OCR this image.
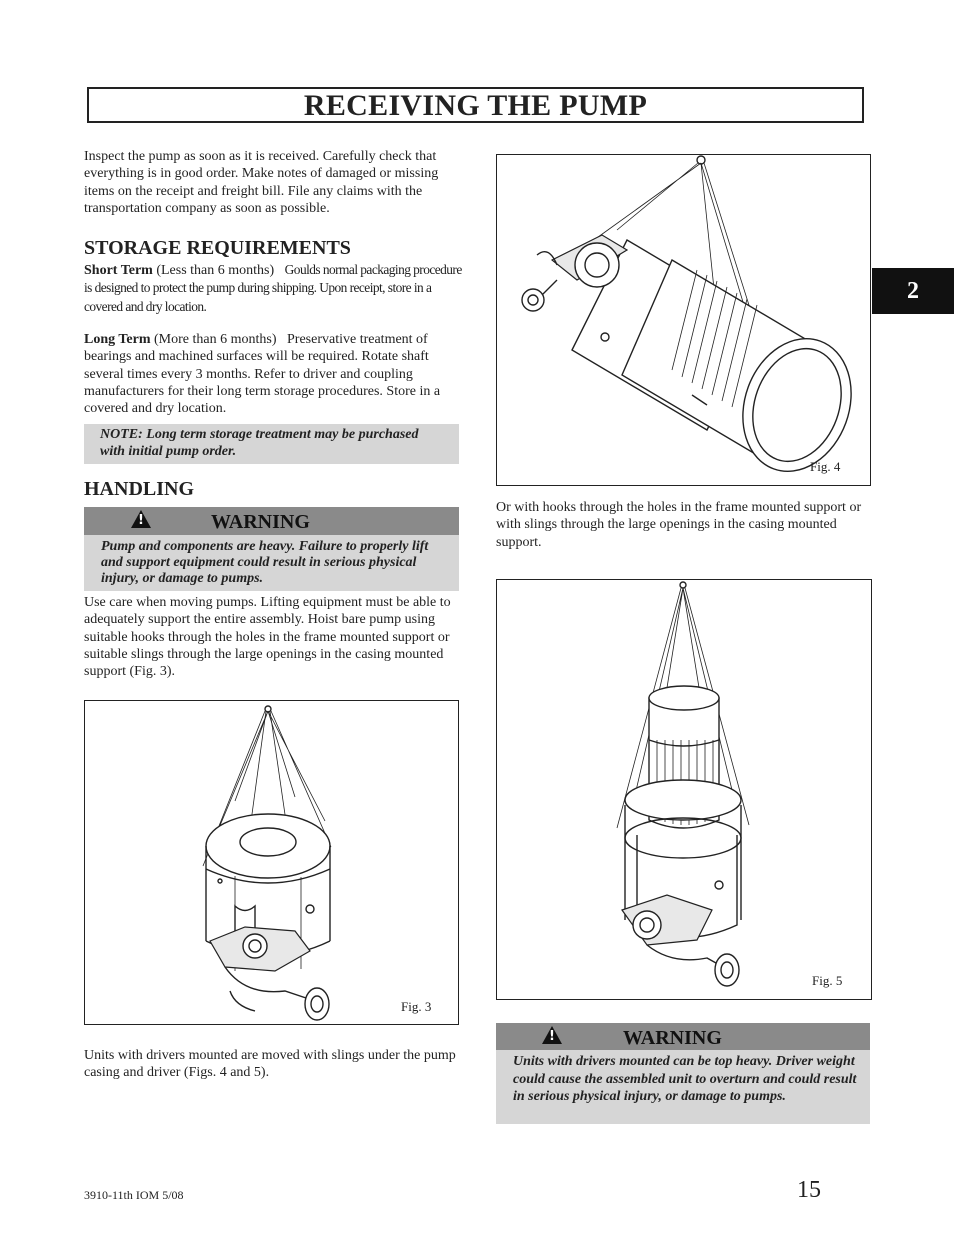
RECEIVING THE PUMP
2
Inspect the pump as soon as it is received. Carefully check that everything is in good order. Make notes of damaged or missing items on the receipt and freight bill. File any claims with the transportation company as soon as possible.
STORAGE REQUIREMENTS
Short Term (Less than 6 months) Goulds normal packaging procedure is designed to protect the pump during shipping. Upon receipt, store in a covered and dry location.
Long Term (More than 6 months) Preservative treatment of bearings and machined surfaces will be required. Rotate shaft several times every 3 months. Refer to driver and coupling manufacturers for their long term storage procedures. Store in a covered and dry location.
NOTE: Long term storage treatment may be purchased with initial pump order.
HANDLING
!	WARNING
Pump and components are heavy. Failure to properly lift and support equipment could result in serious physical injury, or damage to pumps.
Use care when moving pumps. Lifting equipment must be able to adequately support the entire assembly. Hoist bare pump using suitable hooks through the holes in the frame mounted support or suitable slings through the large openings in the casing mounted support (Fig. 3).
Fig. 3
Units with drivers mounted are moved with slings under the pump casing and driver (Figs. 4 and 5).
Fig. 4
Or with hooks through the holes in the frame mounted support or with slings through the large openings in the casing mounted support.
Fig. 5
!	WARNING
Units with drivers mounted can be top heavy. Driver weight could cause the assembled unit to overturn and could result in serious physical injury, or damage to pumps.
3910-11th IOM 5/08	15
